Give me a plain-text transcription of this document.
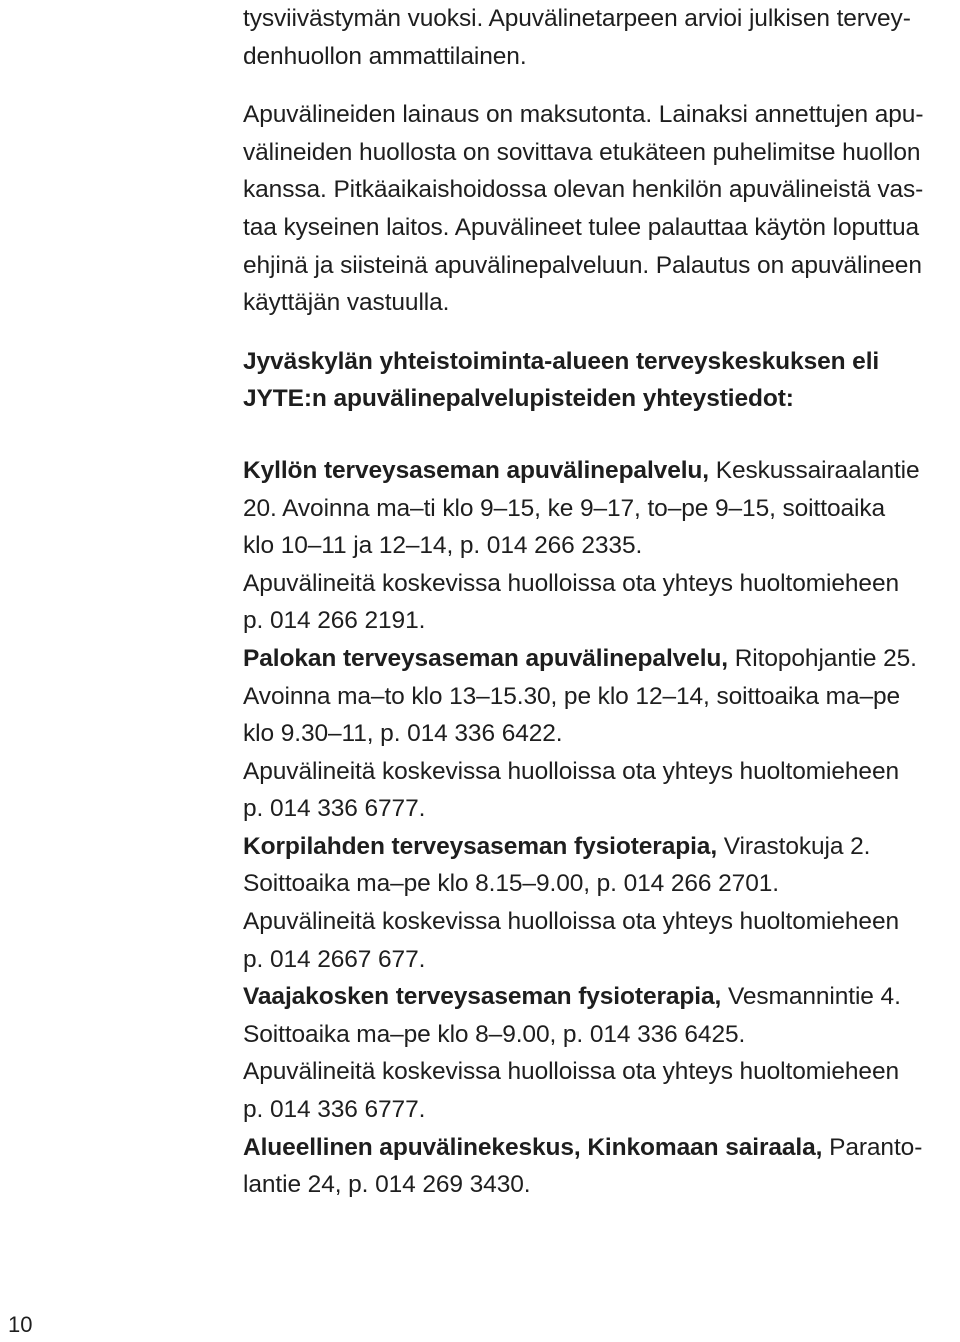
tysviivästymän vuoksi. Apuvälinetarpeen arvioi julkisen tervey-
denhuollon ammattilainen.
Apuvälineiden lainaus on maksutonta. Lainaksi annettujen apu-
välineiden huollosta on sovittava etukäteen puhelimitse huollon
kanssa. Pitkäaikaishoidossa olevan henkilön apuvälineistä vas-
taa kyseinen laitos. Apuvälineet tulee palauttaa käytön loputtua
ehjinä ja siisteinä apuvälinepalveluun. Palautus on apuvälineen
käyttäjän vastuulla.
Jyväskylän yhteistoiminta-alueen terveyskeskuksen eli
JYTE:n apuvälinepalvelupisteiden yhteystiedot:
Kyllön terveysaseman apuvälinepalvelu, Keskussairaalantie
20. Avoinna ma–ti klo 9–15, ke 9–17, to–pe 9–15, soittoaika
klo 10–11 ja 12–14, p. 014 266 2335.
Apuvälineitä koskevissa huolloissa ota yhteys huoltomieheen
p. 014 266 2191.
Palokan terveysaseman apuvälinepalvelu, Ritopohjantie 25.
Avoinna ma–to klo 13–15.30, pe klo 12–14, soittoaika ma–pe
klo 9.30–11, p. 014 336 6422.
Apuvälineitä koskevissa huolloissa ota yhteys huoltomieheen
p. 014 336 6777.
Korpilahden terveysaseman fysioterapia, Virastokuja 2.
Soittoaika ma–pe klo 8.15–9.00, p. 014 266 2701.
Apuvälineitä koskevissa huolloissa ota yhteys huoltomieheen
p. 014 2667 677.
Vaajakosken terveysaseman fysioterapia, Vesmannintie 4.
Soittoaika ma–pe klo 8–9.00, p. 014 336 6425.
Apuvälineitä koskevissa huolloissa ota yhteys huoltomieheen
p. 014 336 6777.
Alueellinen apuvälinekeskus, Kinkomaan sairaala, Paranto-
lantie 24, p. 014 269 3430.
10
